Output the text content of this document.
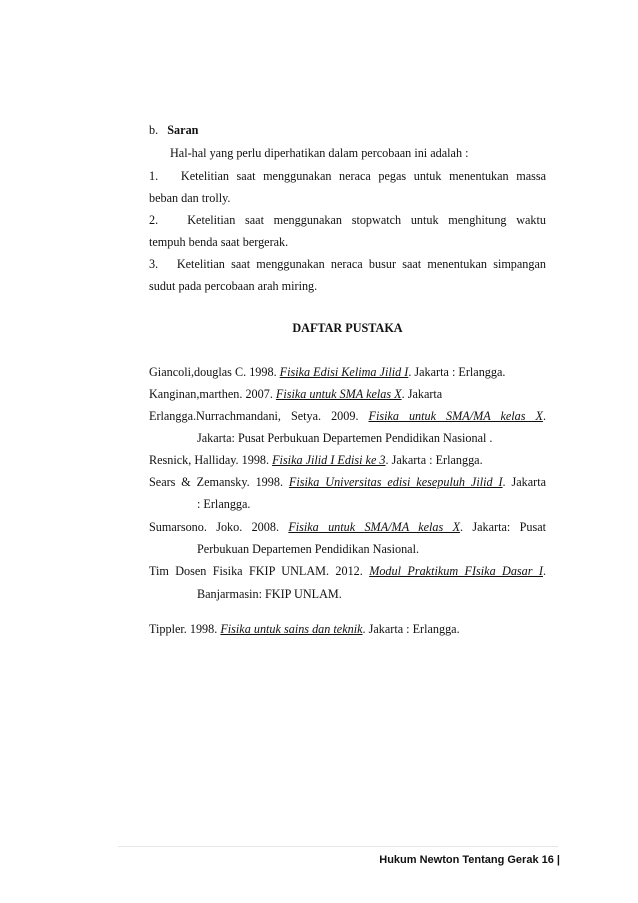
b. Saran
Hal-hal yang perlu diperhatikan dalam percobaan ini adalah :
1. Ketelitian saat menggunakan neraca pegas untuk menentukan massa
beban dan trolly.
2. Ketelitian saat menggunakan stopwatch untuk menghitung waktu
tempuh benda saat bergerak.
3. Ketelitian saat menggunakan neraca busur saat menentukan simpangan
sudut pada percobaan arah miring.
DAFTAR PUSTAKA
Giancoli,douglas C. 1998. Fisika Edisi Kelima Jilid I. Jakarta : Erlangga.
Kanginan,marthen. 2007. Fisika untuk SMA kelas X. Jakarta
Erlangga.Nurrachmandani, Setya. 2009. Fisika untuk SMA/MA kelas X.
Jakarta: Pusat Perbukuan Departemen Pendidikan Nasional .
Resnick, Halliday. 1998. Fisika Jilid I Edisi ke 3. Jakarta : Erlangga.
Sears & Zemansky. 1998. Fisika Universitas edisi kesepuluh Jilid I. Jakarta
: Erlangga.
Sumarsono. Joko. 2008. Fisika untuk SMA/MA kelas X. Jakarta: Pusat
Perbukuan Departemen Pendidikan Nasional.
Tim Dosen Fisika FKIP UNLAM. 2012. Modul Praktikum FIsika Dasar I.
Banjarmasin: FKIP UNLAM.
Tippler. 1998. Fisika untuk sains dan teknik. Jakarta : Erlangga.
Hukum Newton Tentang Gerak 16 |
